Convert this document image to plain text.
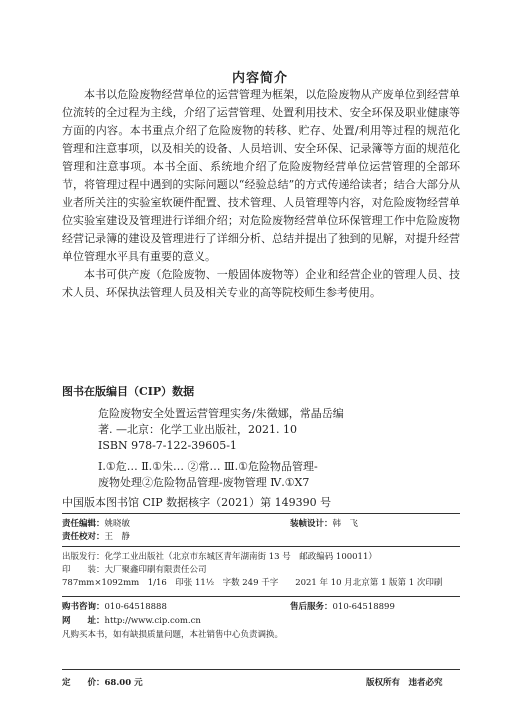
内容简介
本书以危险废物经营单位的运营管理为框架，以危险废物从产废单位到经营单位流转的全过程为主线，介绍了运营管理、处置利用技术、安全环保及职业健康等方面的内容。本书重点介绍了危险废物的转移、贮存、处置/利用等过程的规范化管理和注意事项，以及相关的设备、人员培训、安全环保、记录簿等方面的规范化管理和注意事项。本书全面、系统地介绍了危险废物经营单位运营管理的全部环节，将管理过程中遇到的实际问题以“经验总结”的方式传递给读者；结合大部分从业者所关注的实验室软硬件配置、技术管理、人员管理等内容，对危险废物经营单位实验室建设及管理进行详细介绍；对危险废物经营单位环保管理工作中危险废物经营记录簿的建设及管理进行了详细分析、总结并提出了独到的见解，对提升经营单位管理水平具有重要的意义。
本书可供产废（危险废物、一般固体废物等）企业和经营企业的管理人员、技术人员、环保执法管理人员及相关专业的高等院校师生参考使用。
图书在版编目（CIP）数据
危险废物安全处置运营管理实务/朱徵娜，常晶岳编
著. —北京：化学工业出版社，2021. 10
ISBN 978-7-122-39605-1
Ⅰ.①危… Ⅱ.①朱… ②常… Ⅲ.①危险物品管理-
废物处理②危险物品管理-废物管理 Ⅳ.①X7
中国版本图书馆 CIP 数据核字（2021）第 149390 号
责任编辑：姚晓敏	装帧设计：韩　飞
责任校对：王　静
出版发行：化学工业出版社（北京市东城区青年湖南街 13 号　邮政编码 100011）
印　　装：大厂聚鑫印刷有限责任公司
787mm×1092mm　1/16　印张 11½　字数 249 千字　　2021 年 10 月北京第 1 版第 1 次印刷
购书咨询：010-64518888	售后服务：010-64518899
网　　址：http://www.cip.com.cn
凡购买本书，如有缺损质量问题，本社销售中心负责调换。
定　　价：68.00 元	版权所有　违者必究
